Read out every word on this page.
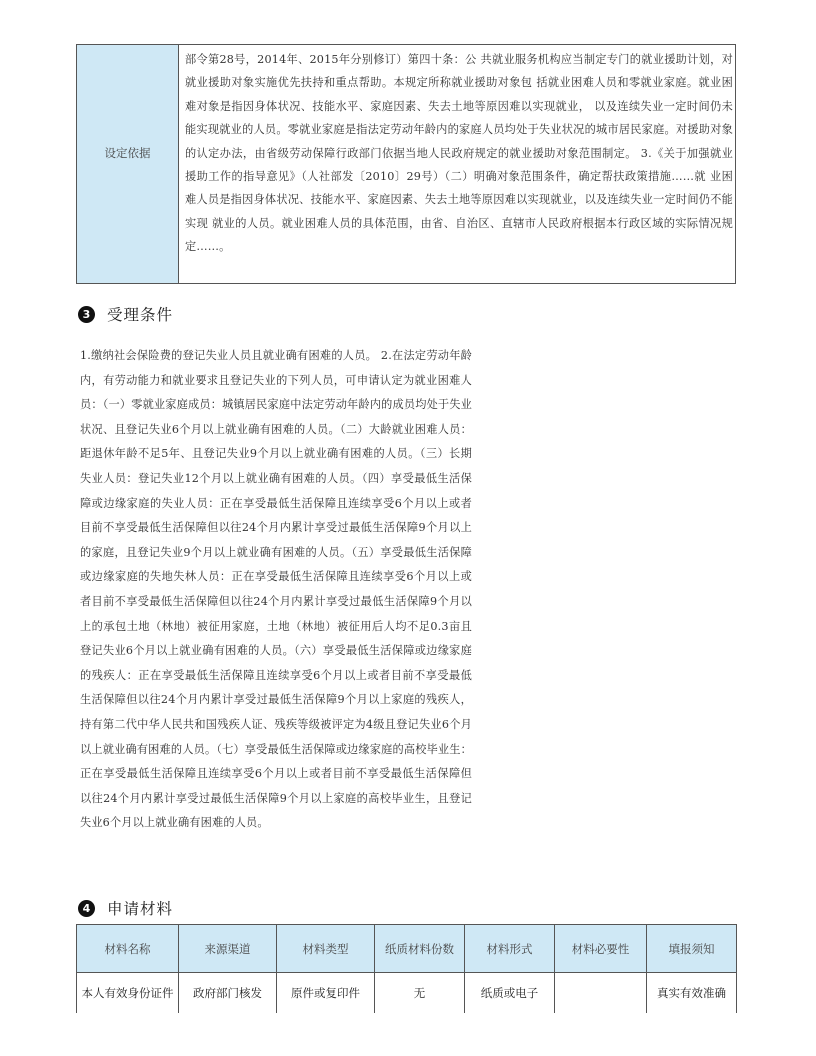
设定依据
部令第28号，2014年、2015年分别修订）第四十条：公 共就业服务机构应当制定专门的就业援助计划，对就业援助对象实施优先扶持和重点帮助。本规定所称就业援助对象包 括就业困难人员和零就业家庭。就业困难对象是指因身体状况、技能水平、家庭因素、失去土地等原因难以实现就业， 以及连续失业一定时间仍未能实现就业的人员。零就业家庭是指法定劳动年龄内的家庭人员均处于失业状况的城市居民家庭。对援助对象的认定办法，由省级劳动保障行政部门依据当地人民政府规定的就业援助对象范围制定。 3.《关于加强就业援助工作的指导意见》（人社部发〔2010〕29号）（二）明确对象范围条件，确定帮扶政策措施……就 业困难人员是指因身体状况、技能水平、家庭因素、失去土地等原因难以实现就业，以及连续失业一定时间仍不能实现 就业的人员。就业困难人员的具体范围，由省、自治区、直辖市人民政府根据本行政区域的实际情况规定……。
3	受理条件
1.缴纳社会保险费的登记失业人员且就业确有困难的人员。 2.在法定劳动年龄内，有劳动能力和就业要求且登记失业的下列人员，可申请认定为就业困难人员：（一）零就业家庭成员：城镇居民家庭中法定劳动年龄内的成员均处于失业状况、且登记失业6个月以上就业确有困难的人员。（二）大龄就业困难人员：距退休年龄不足5年、且登记失业9个月以上就业确有困难的人员。（三）长期失业人员：登记失业12个月以上就业确有困难的人员。（四）享受最低生活保障或边缘家庭的失业人员：正在享受最低生活保障且连续享受6个月以上或者目前不享受最低生活保障但以往24个月内累计享受过最低生活保障9个月以上的家庭，且登记失业9个月以上就业确有困难的人员。（五）享受最低生活保障或边缘家庭的失地失林人员：正在享受最低生活保障且连续享受6个月以上或者目前不享受最低生活保障但以往24个月内累计享受过最低生活保障9个月以上的承包土地（林地）被征用家庭，土地（林地）被征用后人均不足0.3亩且登记失业6个月以上就业确有困难的人员。（六）享受最低生活保障或边缘家庭的残疾人：正在享受最低生活保障且连续享受6个月以上或者目前不享受最低生活保障但以往24个月内累计享受过最低生活保障9个月以上家庭的残疾人，持有第二代中华人民共和国残疾人证、残疾等级被评定为4级且登记失业6个月以上就业确有困难的人员。（七）享受最低生活保障或边缘家庭的高校毕业生：正在享受最低生活保障且连续享受6个月以上或者目前不享受最低生活保障但以往24个月内累计享受过最低生活保障9个月以上家庭的高校毕业生，且登记失业6个月以上就业确有困难的人员。
4	申请材料
材料名称	来源渠道	材料类型	纸质材料份数	材料形式	材料必要性	填报须知
本人有效身份证件	政府部门核发	原件或复印件	无	纸质或电子		真实有效准确
